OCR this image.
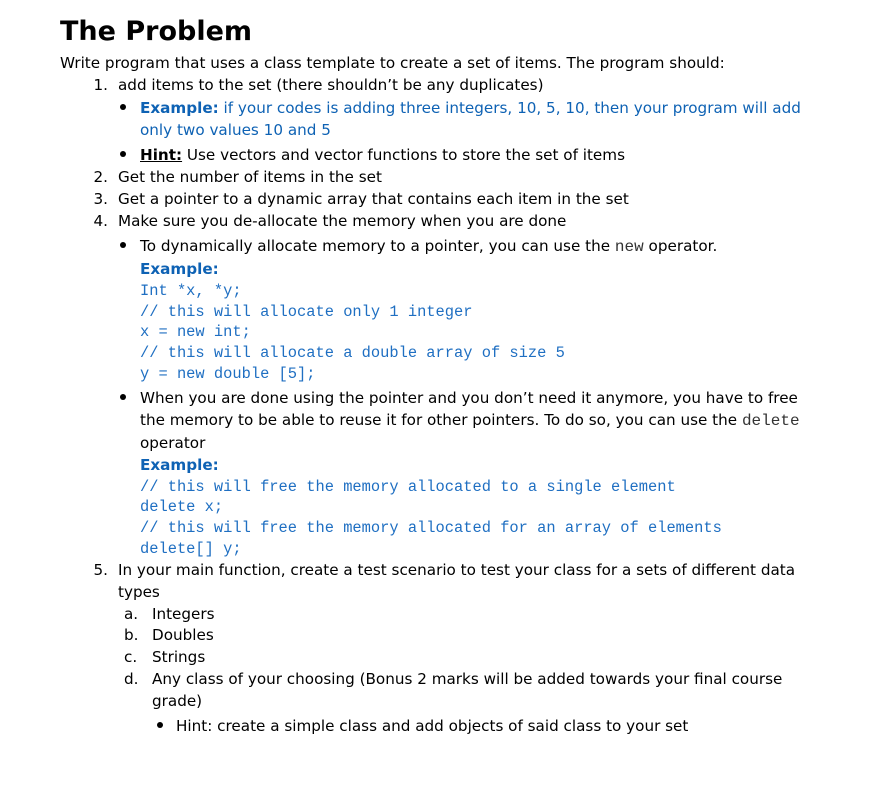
The Problem
Write program that uses a class template to create a set of items. The program should:
1. add items to the set (there shouldn’t be any duplicates)
Example: if your codes is adding three integers, 10, 5, 10, then your program will add
only two values 10 and 5
Hint: Use vectors and vector functions to store the set of items
2. Get the number of items in the set
3. Get a pointer to a dynamic array that contains each item in the set
4. Make sure you de-allocate the memory when you are done
To dynamically allocate memory to a pointer, you can use the new operator.
Example:
Int *x, *y;
// this will allocate only 1 integer
x = new int;
// this will allocate a double array of size 5
y = new double [5];
When you are done using the pointer and you don’t need it anymore, you have to free
the memory to be able to reuse it for other pointers. To do so, you can use the delete
operator
Example:
// this will free the memory allocated to a single element
delete x;
// this will free the memory allocated for an array of elements
delete[] y;
5. In your main function, create a test scenario to test your class for a sets of different data
types
a. Integers
b. Doubles
c. Strings
d. Any class of your choosing (Bonus 2 marks will be added towards your final course
grade)
Hint: create a simple class and add objects of said class to your set
